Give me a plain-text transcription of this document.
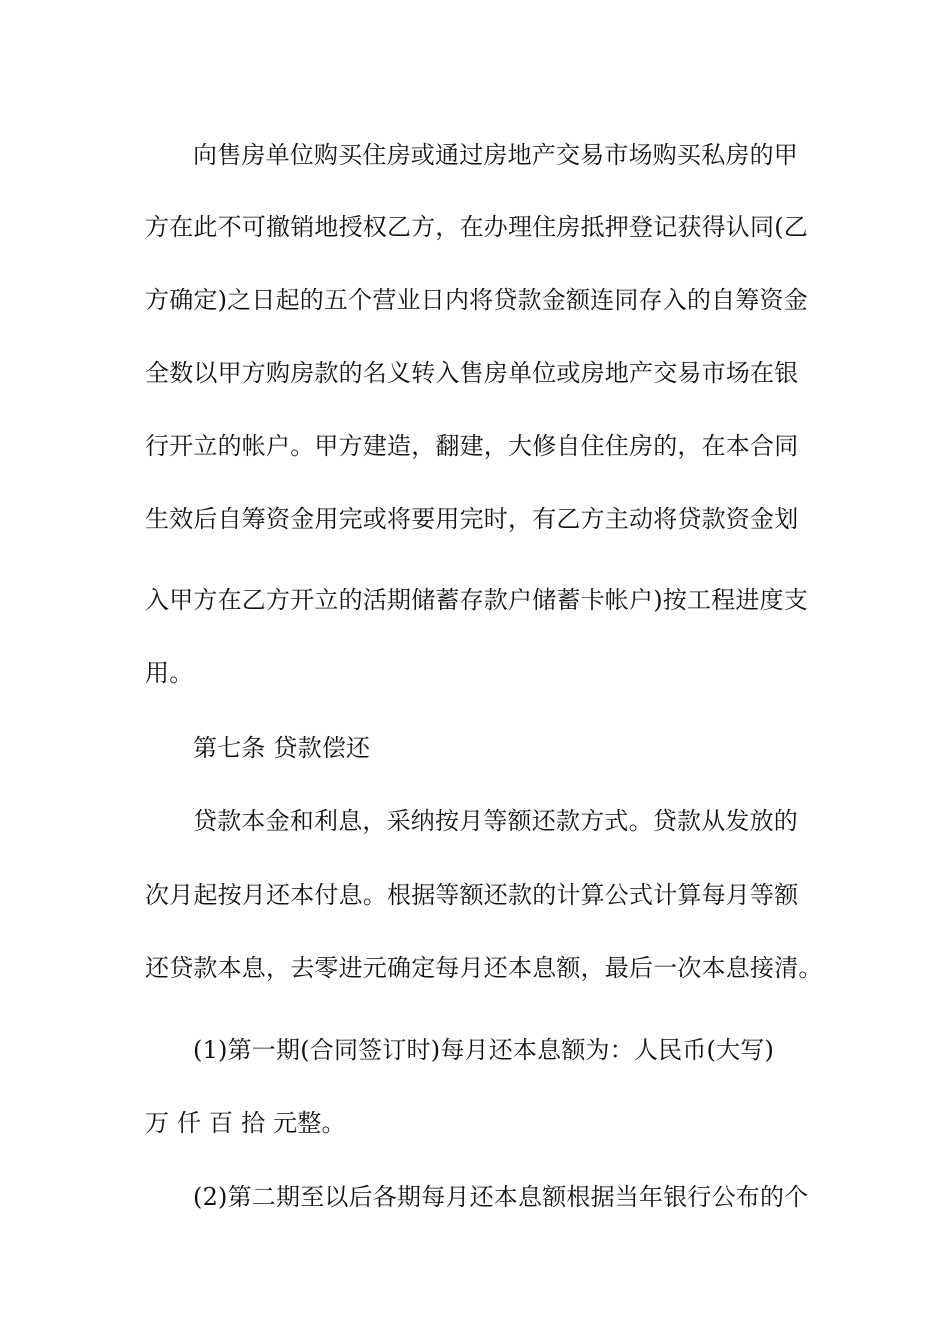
向售房单位购买住房或通过房地产交易市场购买私房的甲
方在此不可撤销地授权乙方，在办理住房抵押登记获得认同(乙
方确定)之日起的五个营业日内将贷款金额连同存入的自筹资金
全数以甲方购房款的名义转入售房单位或房地产交易市场在银
行开立的帐户。甲方建造，翻建，大修自住住房的，在本合同
生效后自筹资金用完或将要用完时，有乙方主动将贷款资金划
入甲方在乙方开立的活期储蓄存款户储蓄卡帐户)按工程进度支
用。
第七条 贷款偿还
贷款本金和利息，采纳按月等额还款方式。贷款从发放的
次月起按月还本付息。根据等额还款的计算公式计算每月等额
还贷款本息，去零进元确定每月还本息额，最后一次本息接清。
(1)第一期(合同签订时)每月还本息额为：人民币(大写)
万 仟 百 拾 元整。
(2)第二期至以后各期每月还本息额根据当年银行公布的个
